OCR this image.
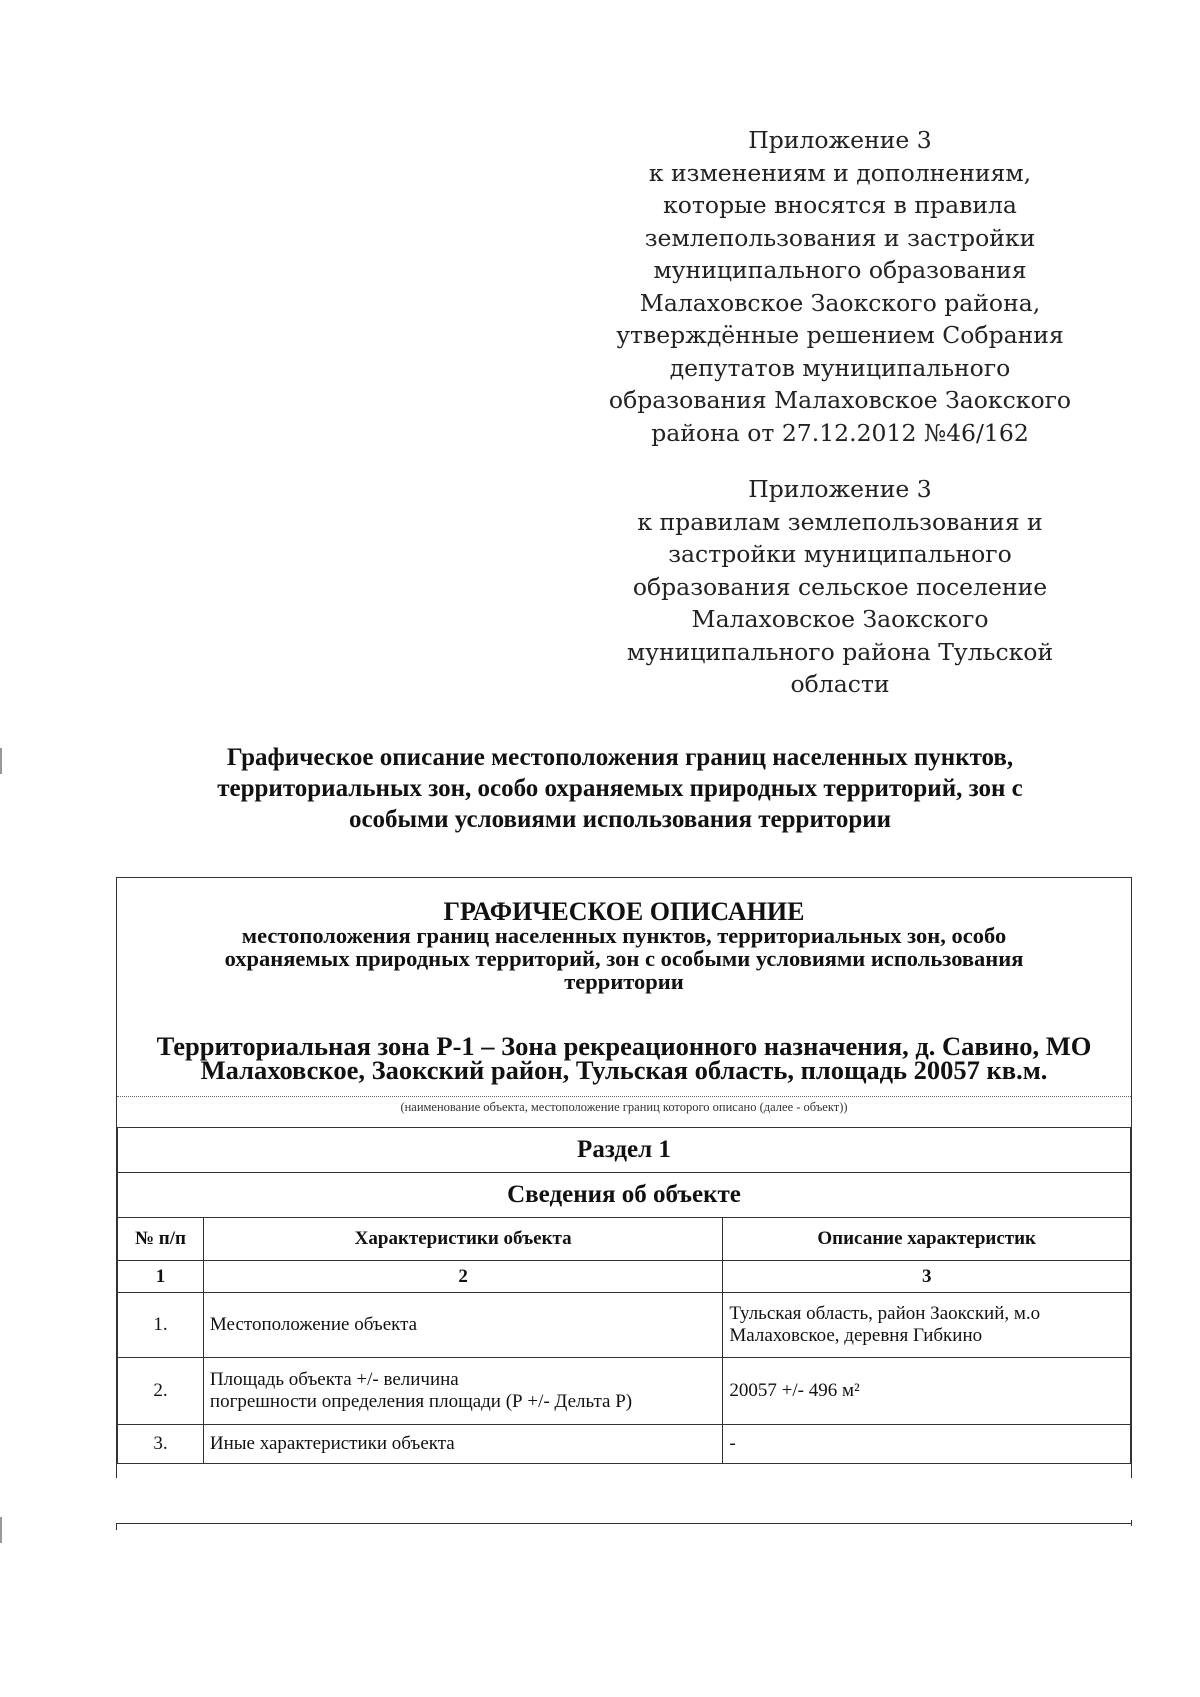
Приложение 3
к изменениям и дополнениям,
которые вносятся в правила
землепользования и застройки
муниципального образования
Малаховское Заокского района,
утверждённые решением Собрания
депутатов муниципального
образования Малаховское Заокского
района от 27.12.2012 №46/162
Приложение 3
к правилам землепользования и
застройки муниципального
образования сельское поселение
Малаховское Заокского
муниципального района Тульской
области
Графическое описание местоположения границ населенных пунктов,
территориальных зон, особо охраняемых природных территорий, зон с
особыми условиями использования территории
ГРАФИЧЕСКОЕ ОПИСАНИЕ
местоположения границ населенных пунктов, территориальных зон, особо
охраняемых природных территорий, зон с особыми условиями использования
территории
Территориальная зона Р-1 – Зона рекреационного назначения, д. Савино, МО
Малаховское, Заокский район, Тульская область, площадь 20057 кв.м.
(наименование объекта, местоположение границ которого описано (далее - объект))
Раздел 1		
Сведения об объекте		
№ п/п	Характеристики объекта	Описание характеристик
1	2	3
1.	Местоположение объекта	Тульская область, район Заокский, м.о
Малаховское, деревня Гибкино

2.	Площадь объекта +/- величина
погрешности определения площади (Р +/- Дельта Р)	20057 +/- 496 м²
3.	Иные характеристики объекта	-
